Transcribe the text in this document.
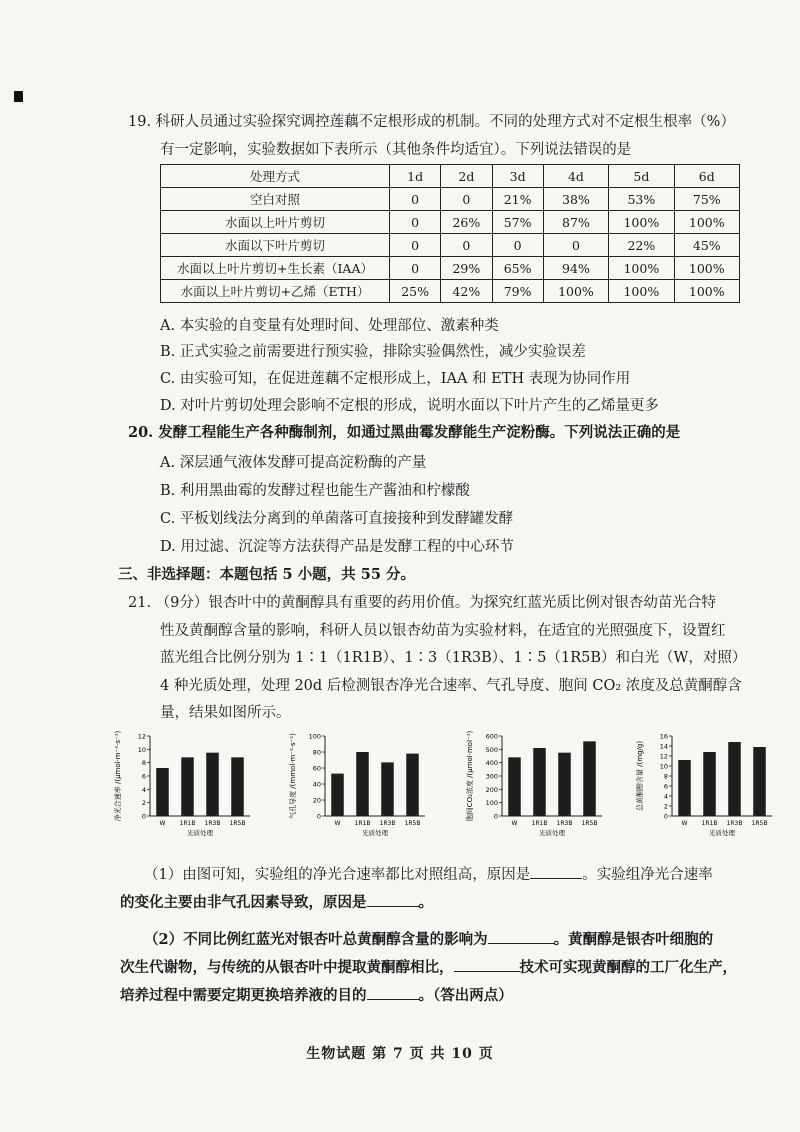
19. 科研人员通过实验探究调控莲藕不定根形成的机制。不同的处理方式对不定根生根率（%）
有一定影响，实验数据如下表所示（其他条件均适宜）。下列说法错误的是
处理方式	1d	2d	3d	4d	5d	6d
空白对照	0	0	21%	38%	53%	75%
水面以上叶片剪切	0	26%	57%	87%	100%	100%
水面以下叶片剪切	0	0	0	0	22%	45%
水面以上叶片剪切+生长素（IAA）	0	29%	65%	94%	100%	100%
水面以上叶片剪切+乙烯（ETH）	25%	42%	79%	100%	100%	100%
A. 本实验的自变量有处理时间、处理部位、激素种类
B. 正式实验之前需要进行预实验，排除实验偶然性，减少实验误差
C. 由实验可知，在促进莲藕不定根形成上，IAA 和 ETH 表现为协同作用
D. 对叶片剪切处理会影响不定根的形成，说明水面以下叶片产生的乙烯量更多
20. 发酵工程能生产各种酶制剂，如通过黑曲霉发酵能生产淀粉酶。下列说法正确的是
A. 深层通气液体发酵可提高淀粉酶的产量
B. 利用黑曲霉的发酵过程也能生产酱油和柠檬酸
C. 平板划线法分离到的单菌落可直接接种到发酵罐发酵
D. 用过滤、沉淀等方法获得产品是发酵工程的中心环节
三、非选择题：本题包括 5 小题，共 55 分。
21. （9分）银杏叶中的黄酮醇具有重要的药用价值。为探究红蓝光质比例对银杏幼苗光合特
性及黄酮醇含量的影响，科研人员以银杏幼苗为实验材料，在适宜的光照强度下，设置红
蓝光组合比例分别为 1∶1（1R1B）、1∶3（1R3B）、1∶5（1R5B）和白光（W，对照）
4 种光质处理，处理 20d 后检测银杏净光合速率、气孔导度、胞间 CO₂ 浓度及总黄酮醇含
量，结果如图所示。
净光合速率 /(μmol·m⁻²·s⁻¹)	0
2
4
6
8
10
12
W 1R1B 1R3B 1R5B
光质处理
气孔导度 /(mmol·m⁻²·s⁻¹)	0
20
40
60
80
100
W 1R1B 1R3B 1R5B
光质处理
胞间CO₂浓度 /(μmol·mol⁻¹)	0
100
200
300
400
500
600
W 1R1B 1R3B 1R5B
光质处理
总黄酮醇含量 /(mg/g)
0
2
4
6
8
10
12
14
16
W 1R1B 1R3B 1R5B
光质处理
（1）由图可知，实验组的净光合速率都比对照组高，原因是	。实验组净光合速率
的变化主要由非气孔因素导致，原因是	。
（2）不同比例红蓝光对银杏叶总黄酮醇含量的影响为	。黄酮醇是银杏叶细胞的
次生代谢物，与传统的从银杏叶中提取黄酮醇相比，	技术可实现黄酮醇的工厂化生产，
培养过程中需要定期更换培养液的目的	。（答出两点）
生物试题 第 7 页 共 10 页
